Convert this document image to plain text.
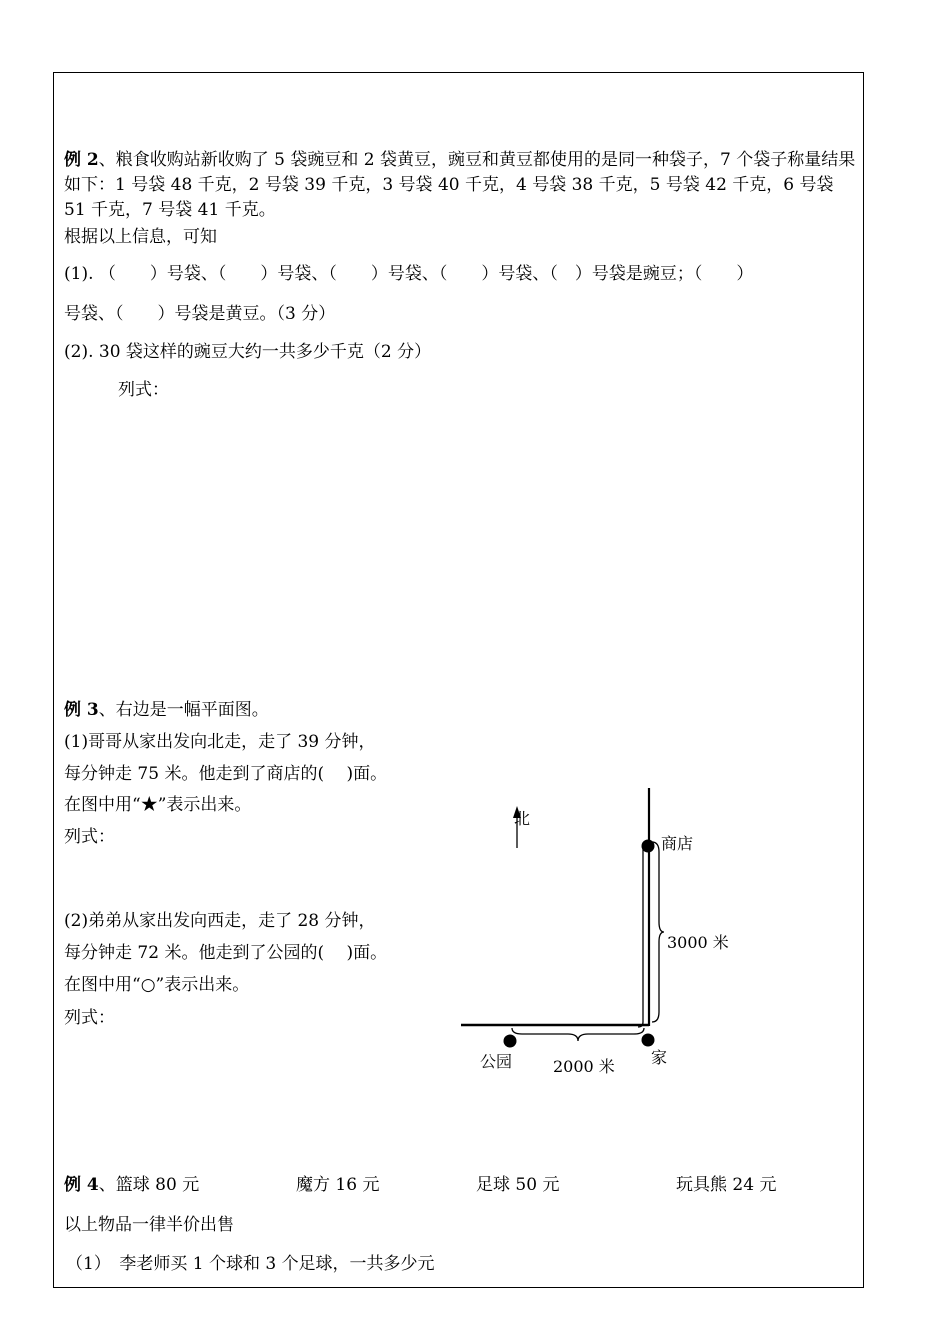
例 2、粮食收购站新收购了 5 袋豌豆和 2 袋黄豆，豌豆和黄豆都使用的是同一种袋子，7 个袋子称量结果如下：1 号袋 48 千克，2 号袋 39 千克，3 号袋 40 千克，4 号袋 38 千克，5 号袋 42 千克，6 号袋 51 千克，7 号袋 41 千克。
根据以上信息，可知
(1). （　　）号袋、（　　）号袋、（　　）号袋、（　　）号袋、（　）号袋是豌豆；（　　）
号袋、（　　）号袋是黄豆。（3 分）
(2). 30 袋这样的豌豆大约一共多少千克（2 分）
列式：
例 3、右边是一幅平面图。
(1)哥哥从家出发向北走，走了 39 分钟，
每分钟走 75 米。他走到了商店的(　 )面。
在图中用“★”表示出来。
列式：
(2)弟弟从家出发向西走，走了 28 分钟，
每分钟走 72 米。他走到了公园的(　 )面。
在图中用“○”表示出来。
列式：
北
商店
3000 米
公园	2000 米 家
例 4、篮球 80 元	魔方 16 元	足球 50 元	玩具熊 24 元
以上物品一律半价出售
（1）　李老师买 1 个球和 3 个足球，一共多少元
